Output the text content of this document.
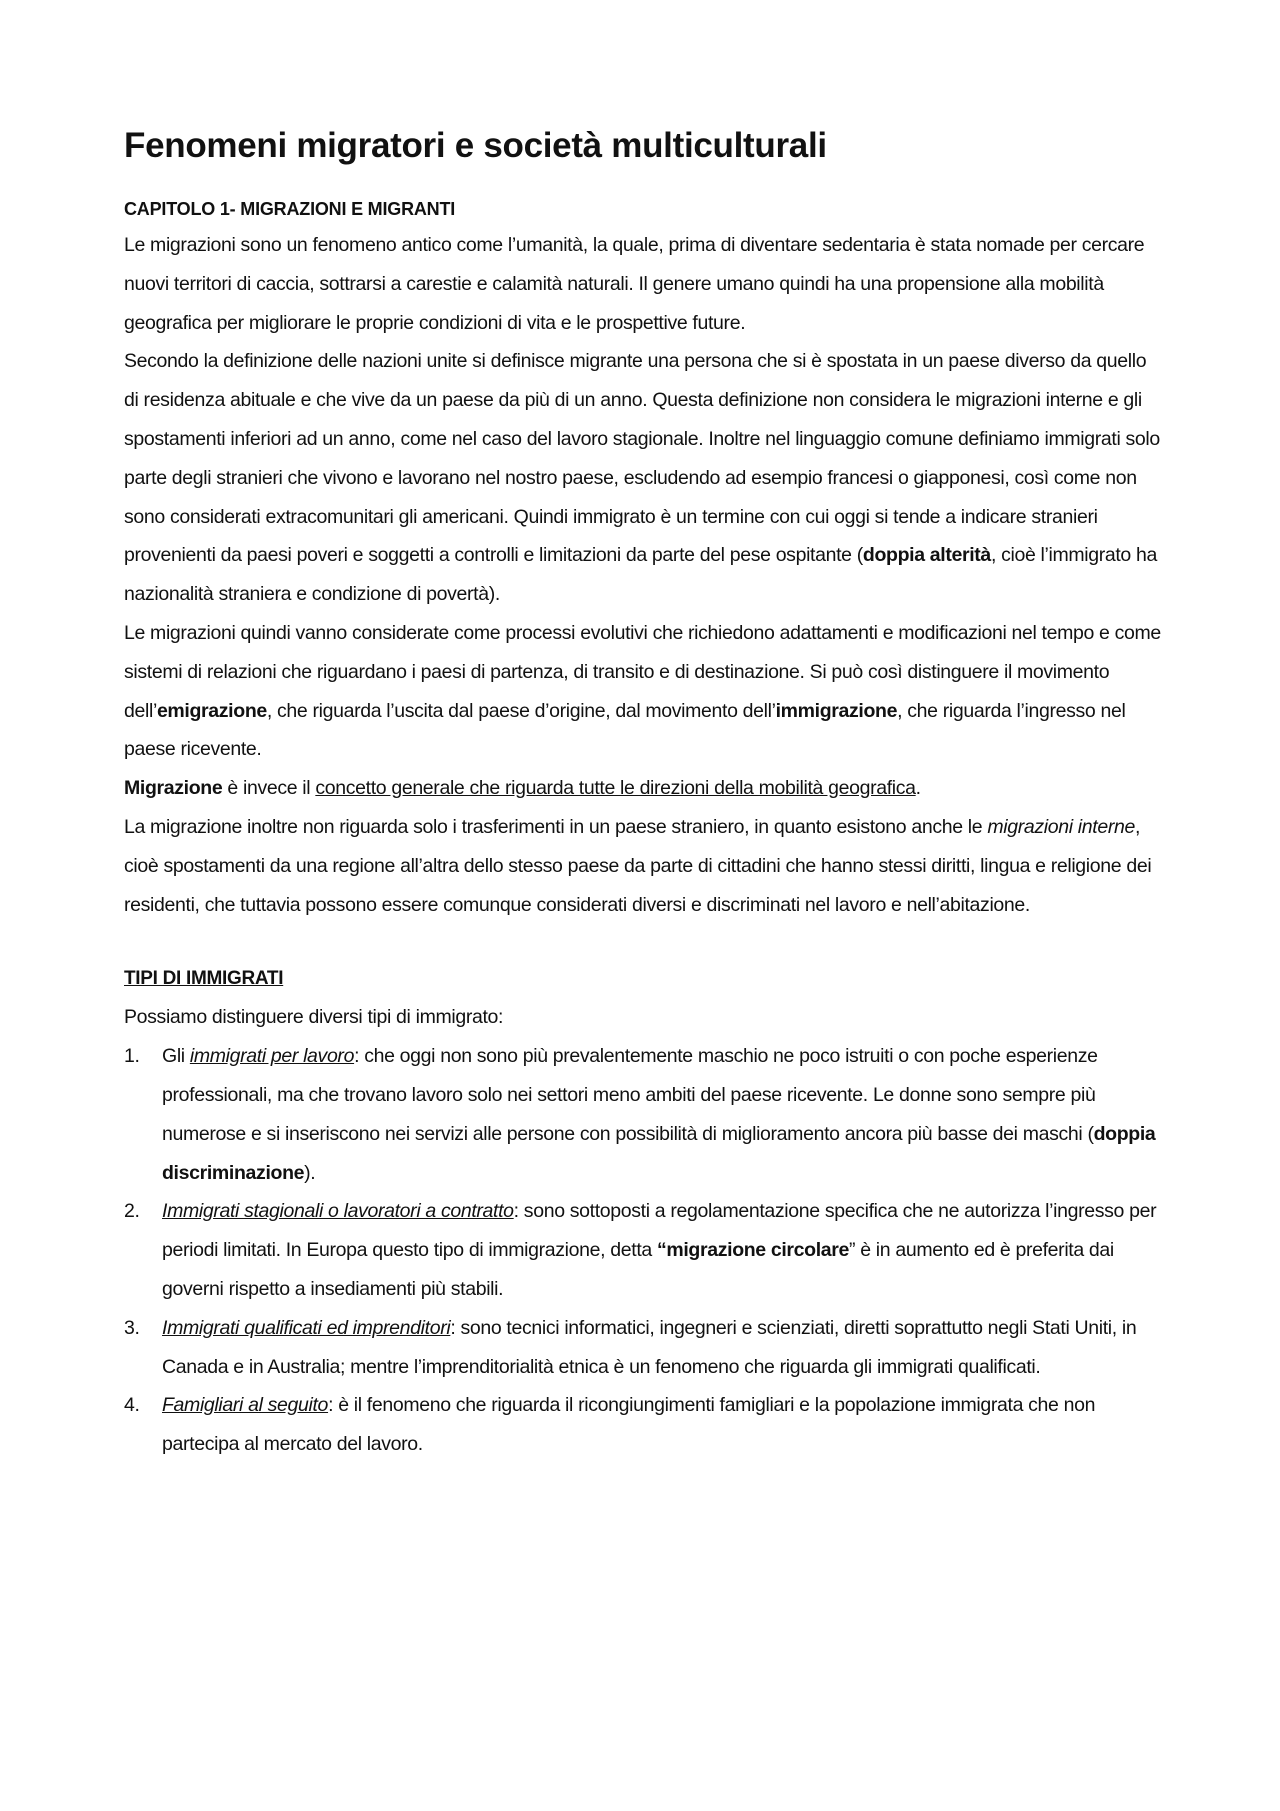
Fenomeni migratori e società multiculturali
CAPITOLO 1- MIGRAZIONI E MIGRANTI

Le migrazioni sono un fenomeno antico come l’umanità, la quale, prima di diventare sedentaria è stata nomade per cercare nuovi territori di caccia, sottrarsi a carestie e calamità naturali. Il genere umano quindi ha una propensione alla mobilità geografica per migliorare le proprie condizioni di vita e le prospettive future.

Secondo la definizione delle nazioni unite si definisce migrante una persona che si è spostata in un paese diverso da quello di residenza abituale e che vive da un paese da più di un anno. Questa definizione non considera le migrazioni interne e gli spostamenti inferiori ad un anno, come nel caso del lavoro stagionale. Inoltre nel linguaggio comune definiamo immigrati solo parte degli stranieri che vivono e lavorano nel nostro paese, escludendo ad esempio francesi o giapponesi, così come non sono considerati extracomunitari gli americani. Quindi immigrato è un termine con cui oggi si tende a indicare stranieri provenienti da paesi poveri e soggetti a controlli e limitazioni da parte del pese ospitante (doppia alterità, cioè l’immigrato ha nazionalità straniera e condizione di povertà).

Le migrazioni quindi vanno considerate come processi evolutivi che richiedono adattamenti e modificazioni nel tempo e come sistemi di relazioni che riguardano i paesi di partenza, di transito e di destinazione. Si può così distinguere il movimento dell’emigrazione, che riguarda l’uscita dal paese d’origine, dal movimento dell’immigrazione, che riguarda l’ingresso nel paese ricevente.

Migrazione è invece il concetto generale che riguarda tutte le direzioni della mobilità geografica.

La migrazione inoltre non riguarda solo i trasferimenti in un paese straniero, in quanto esistono anche le migrazioni interne, cioè spostamenti da una regione all’altra dello stesso paese da parte di cittadini che hanno stessi diritti, lingua e religione dei residenti, che tuttavia possono essere comunque considerati diversi e discriminati nel lavoro e nell’abitazione.

TIPI DI IMMIGRATI

Possiamo distinguere diversi tipi di immigrato:

1. Gli immigrati per lavoro: che oggi non sono più prevalentemente maschio ne poco istruiti o con poche esperienze professionali, ma che trovano lavoro solo nei settori meno ambiti del paese ricevente. Le donne sono sempre più numerose e si inseriscono nei servizi alle persone con possibilità di miglioramento ancora più basse dei maschi (doppia discriminazione).
2. Immigrati stagionali o lavoratori a contratto: sono sottoposti a regolamentazione specifica che ne autorizza l’ingresso per periodi limitati. In Europa questo tipo di immigrazione, detta “migrazione circolare” è in aumento ed è preferita dai governi rispetto a insediamenti più stabili.
3. Immigrati qualificati ed imprenditori: sono tecnici informatici, ingegneri e scienziati, diretti soprattutto negli Stati Uniti, in Canada e in Australia; mentre l’imprenditorialità etnica è un fenomeno che riguarda gli immigrati qualificati.
4. Famigliari al seguito: è il fenomeno che riguarda il ricongiungimenti famigliari e la popolazione immigrata che non partecipa al mercato del lavoro.
